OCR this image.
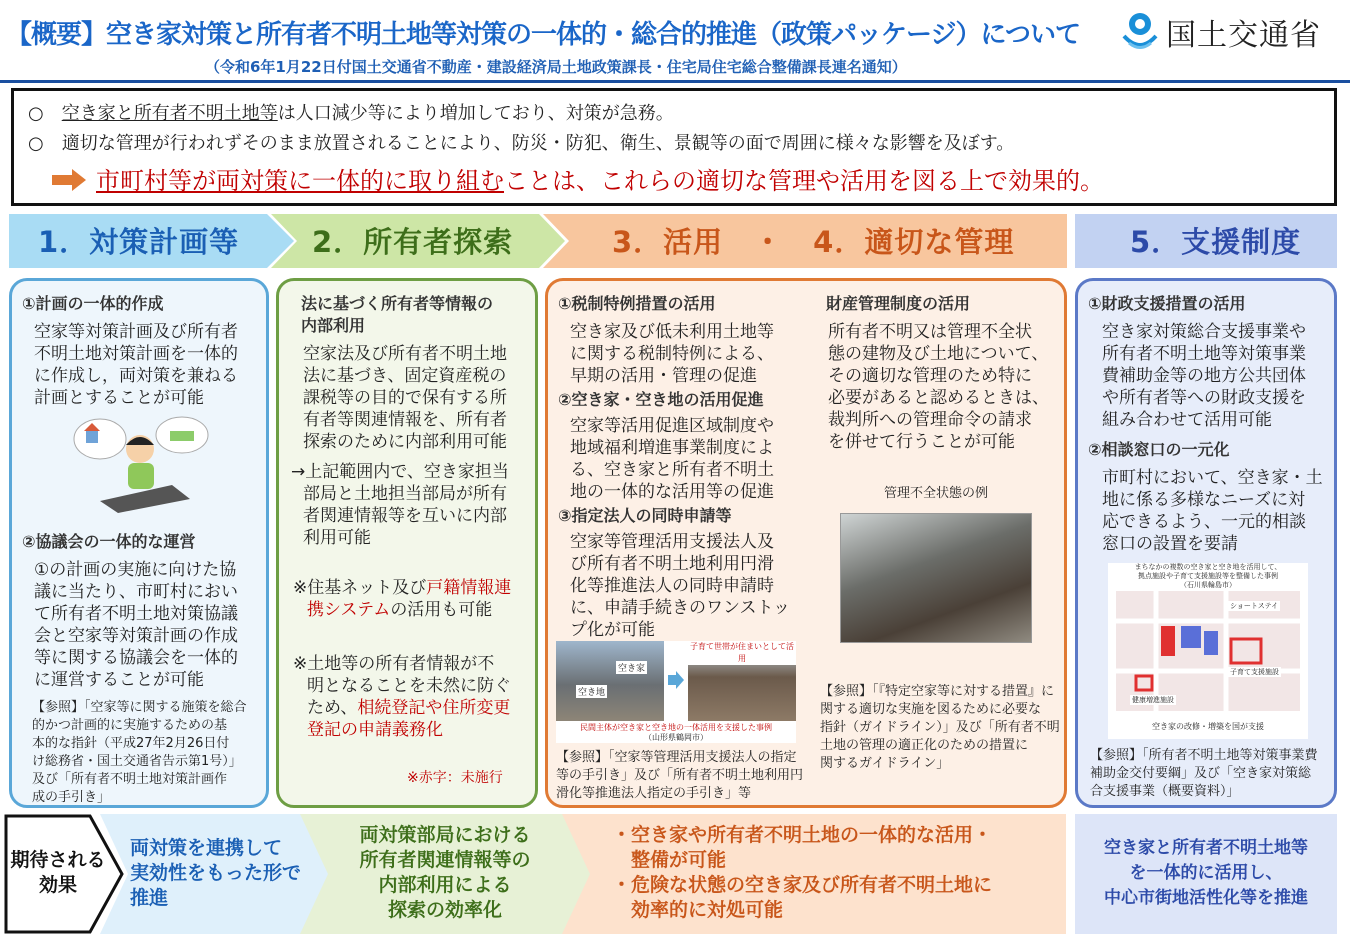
【概要】空き家対策と所有者不明土地等対策の一体的・総合的推進（政策パッケージ）について
（令和6年1月22日付国土交通省不動産・建設経済局土地政策課長・住宅局住宅総合整備課長連名通知）
国土交通省
○　 空き家と所有者不明土地等は人口減少等により増加しており、対策が急務。
○　 適切な管理が行われずそのまま放置されることにより、防災・防犯、衛生、景観等の面で周囲に様々な影響を及ぼす。
市町村等が両対策に一体的に取り組むことは、これらの適切な管理や活用を図る上で効果的。
1．対策計画等	2．所有者探索	3．活用　・　4．適切な管理	5．支援制度
①計画の一体的作成
空家等対策計画及び所有者
不明土地対策計画を一体的
に作成し，両対策を兼ねる
計画とすることが可能
②協議会の一体的な運営
①の計画の実施に向けた協
議に当たり、市町村におい
て所有者不明土地対策協議
会と空家等対策計画の作成
等に関する協議会を一体的
に運営することが可能
【参照】「空家等に関する施策を総合
的かつ計画的に実施するための基
本的な指針（平成27年2月26日付
け総務省・国土交通省告示第1号）」
及び「所有者不明土地対策計画作
成の手引き」
法に基づく所有者等情報の
内部利用
空家法及び所有者不明土地
法に基づき、固定資産税の
課税等の目的で保有する所
有者等関連情報を、所有者
探索のために内部利用可能
→上記範囲内で、空き家担当
部局と土地担当部局が所有
者関連情報等を互いに内部
利用可能
※住基ネット及び戸籍情報連
携システムの活用も可能
※土地等の所有者情報が不
明となることを未然に防ぐ
ため、相続登記や住所変更
登記の申請義務化
※赤字：未施行
①税制特例措置の活用
空き家及び低未利用土地等
に関する税制特例による、
早期の活用・管理の促進
②空き家・空き地の活用促進
空家等活用促進区域制度や
地域福利増進事業制度によ
る、空き家と所有者不明土
地の一体的な活用等の促進
③指定法人の同時申請等
空家等管理活用支援法人及
び所有者不明土地利用円滑
化等推進法人の同時申請時
に、申請手続きのワンストッ
プ化が可能
空き家
空き地
子育て世帯が住まいとして活用
民間主体が空き家と空き地の一体活用を支援した事例
（山形県鶴岡市）
【参照】「空家等管理活用支援法人の指定
等の手引き」及び「所有者不明土地利用円
滑化等推進法人指定の手引き」等
財産管理制度の活用
所有者不明又は管理不全状
態の建物及び土地について、
その適切な管理のため特に
必要があると認めるときは、
裁判所への管理命令の請求
を併せて行うことが可能
管理不全状態の例
【参照】「『特定空家等に対する措置』に
関する適切な実施を図るために必要な
指針（ガイドライン）」及び「所有者不明
土地の管理の適正化のための措置に
関するガイドライン」
①財政支援措置の活用
空き家対策総合支援事業や
所有者不明土地等対策事業
費補助金等の地方公共団体
や所有者等への財政支援を
組み合わせて活用可能
②相談窓口の一元化
市町村において、空き家・土
地に係る多様なニーズに対
応できるよう、一元的相談
窓口の設置を要請
まちなかの複数の空き家と空き地を活用して、
拠点施設や子育て支援施設等を整備した事例
（石川県輪島市）
ショートステイ
子育て支援施設
健康増進施設
空き家の改修・増築を国が支援
【参照】「所有者不明土地等対策事業費
補助金交付要綱」及び「空き家対策総
合支援事業（概要資料）」
期待される
効果
両対策を連携して
実効性をもった形で
推進
両対策部局における
所有者関連情報等の
内部利用による
探索の効率化
・空き家や所有者不明土地の一体的な活用・
　整備が可能
・危険な状態の空き家及び所有者不明土地に
　効率的に対処可能
空き家と所有者不明土地等
を一体的に活用し、
中心市街地活性化等を推進
